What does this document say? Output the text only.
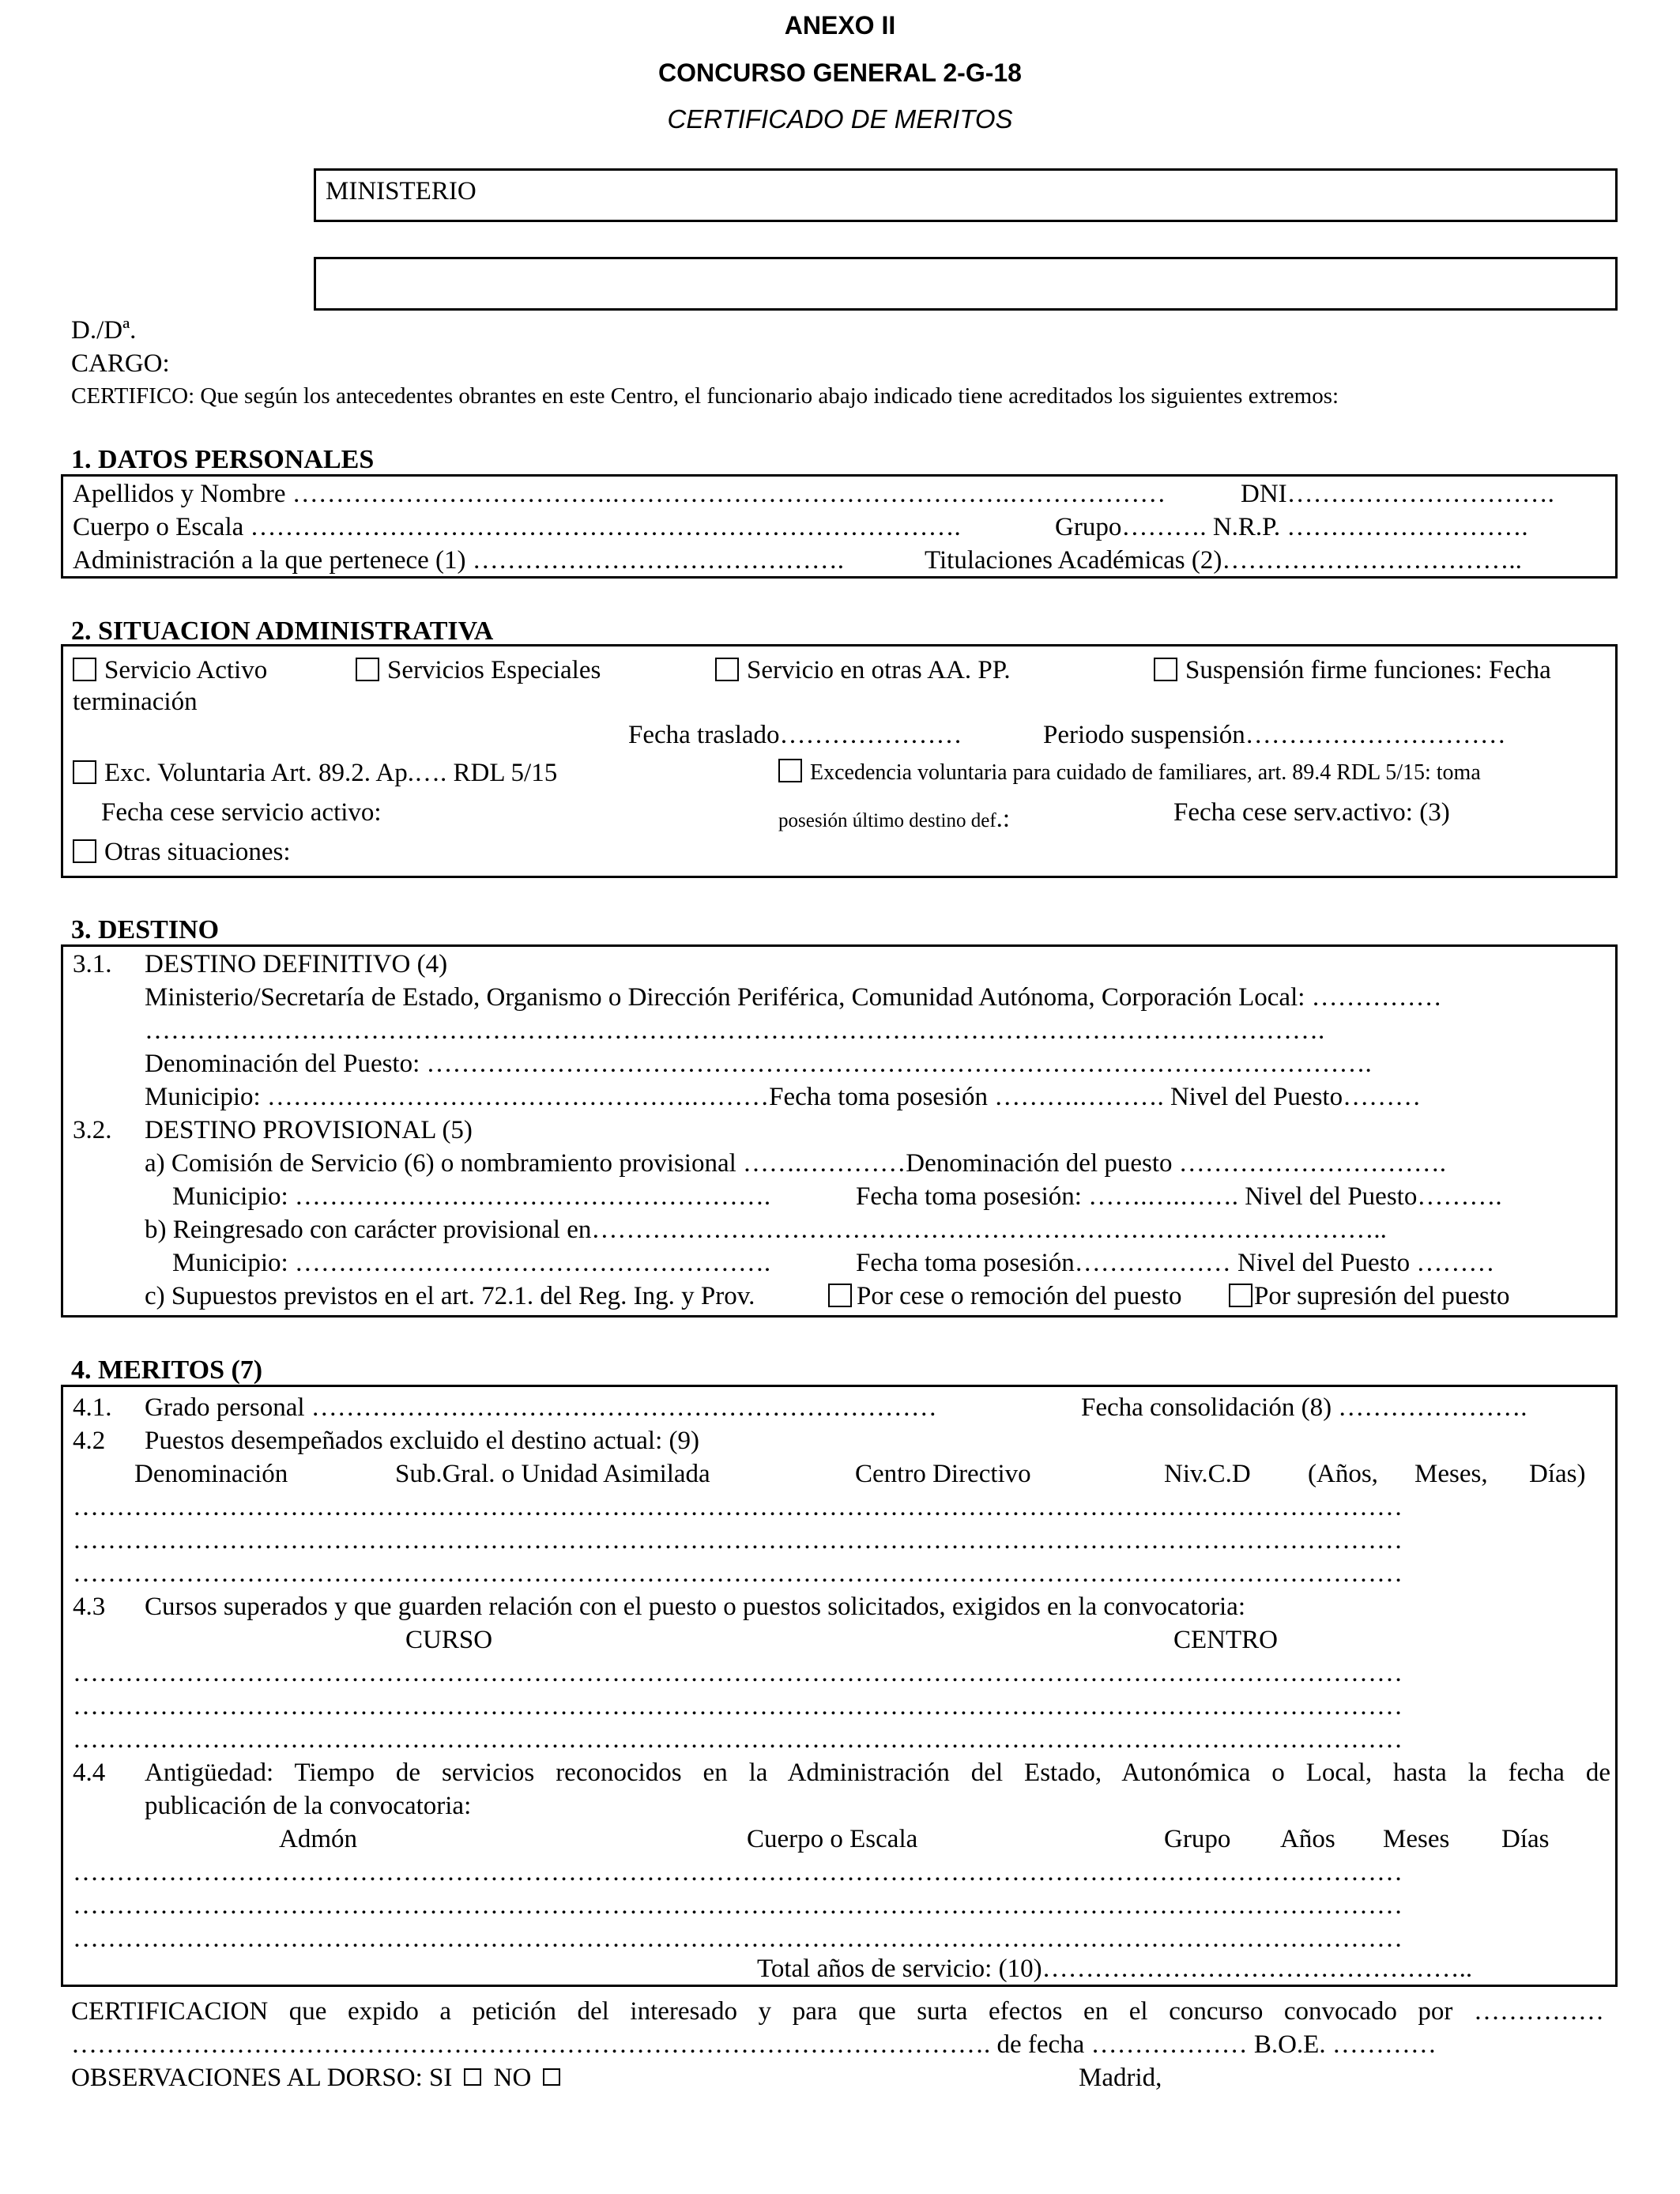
ANEXO II
CONCURSO GENERAL 2-G-18
CERTIFICADO DE MERITOS
MINISTERIO
D./Dª.
CARGO:
CERTIFICO: Que según los antecedentes obrantes en este Centro, el funcionario abajo indicado tiene acreditados los siguientes extremos:
1. DATOS PERSONALES
Apellidos y Nombre ……………………………….……………………………………….………………	DNI………………………….
Cuerpo o Escala ……………………………………………………………………….	Grupo………. N.R.P. ……………………….
Administración a la que pertenece (1) …………………………………….	Titulaciones Académicas (2)……………………………..
2. SITUACION ADMINISTRATIVA
Servicio Activo	Servicios Especiales	Servicio en otras AA. PP.	Suspensión firme funciones: Fecha
terminación
Fecha traslado…………………	Periodo suspensión…………………………
Exc. Voluntaria Art. 89.2. Ap.…. RDL 5/15	Excedencia voluntaria para cuidado de familiares, art. 89.4 RDL 5/15: toma
Fecha cese servicio activo:	posesión último destino def.:	Fecha cese serv.activo: (3)
Otras situaciones:
3. DESTINO
3.1. DESTINO DEFINITIVO (4)
Ministerio/Secretaría de Estado, Organismo o Dirección Periférica, Comunidad Autónoma, Corporación Local: ……………
……………………………………………………………………………………………………………………….
Denominación del Puesto: ……………………………………………………………………………………………….
Municipio: ………………………………………….………Fecha toma posesión ……….………. Nivel del Puesto………
3.2. DESTINO PROVISIONAL (5)
a) Comisión de Servicio (6) o nombramiento provisional …….…………Denominación del puesto ………………………….
Municipio: ……………………………………………….	Fecha toma posesión: …….….……. Nivel del Puesto……….
b) Reingresado con carácter provisional en………………………………………………………………………………..
Municipio: ……………………………………………….	Fecha toma posesión……………… Nivel del Puesto ………
c) Supuestos previstos en el art. 72.1. del Reg. Ing. y Prov.	Por cese o remoción del puesto	Por supresión del puesto
4. MERITOS (7)
4.1. Grado personal ………………………………………………………………	Fecha consolidación (8) ………………….
4.2 Puestos desempeñados excluido el destino actual: (9)
Denominación	Sub.Gral. o Unidad Asimilada	Centro Directivo	Niv.C.D (Años, Meses, Días)
………………………………………………………………………………………………………………………………………
………………………………………………………………………………………………………………………………………
………………………………………………………………………………………………………………………………………
4.3 Cursos superados y que guarden relación con el puesto o puestos solicitados, exigidos en la convocatoria:
CURSO	CENTRO
………………………………………………………………………………………………………………………………………
………………………………………………………………………………………………………………………………………
………………………………………………………………………………………………………………………………………
4.4 Antigüedad: Tiempo de servicios reconocidos en la Administración del Estado, Autonómica o Local, hasta la fecha de
publicación de la convocatoria:
Admón	Cuerpo o Escala	Grupo Años Meses Días
………………………………………………………………………………………………………………………………………
………………………………………………………………………………………………………………………………………
………………………………………………………………………………………………………………………………………
Total años de servicio: (10)…………………………………………..
CERTIFICACION que expido a petición del interesado y para que surta efectos en el concurso convocado por ……………
……………………………………………………………………………………………. de fecha ……………… B.O.E. …………
OBSERVACIONES AL DORSO: SI NO	Madrid,
